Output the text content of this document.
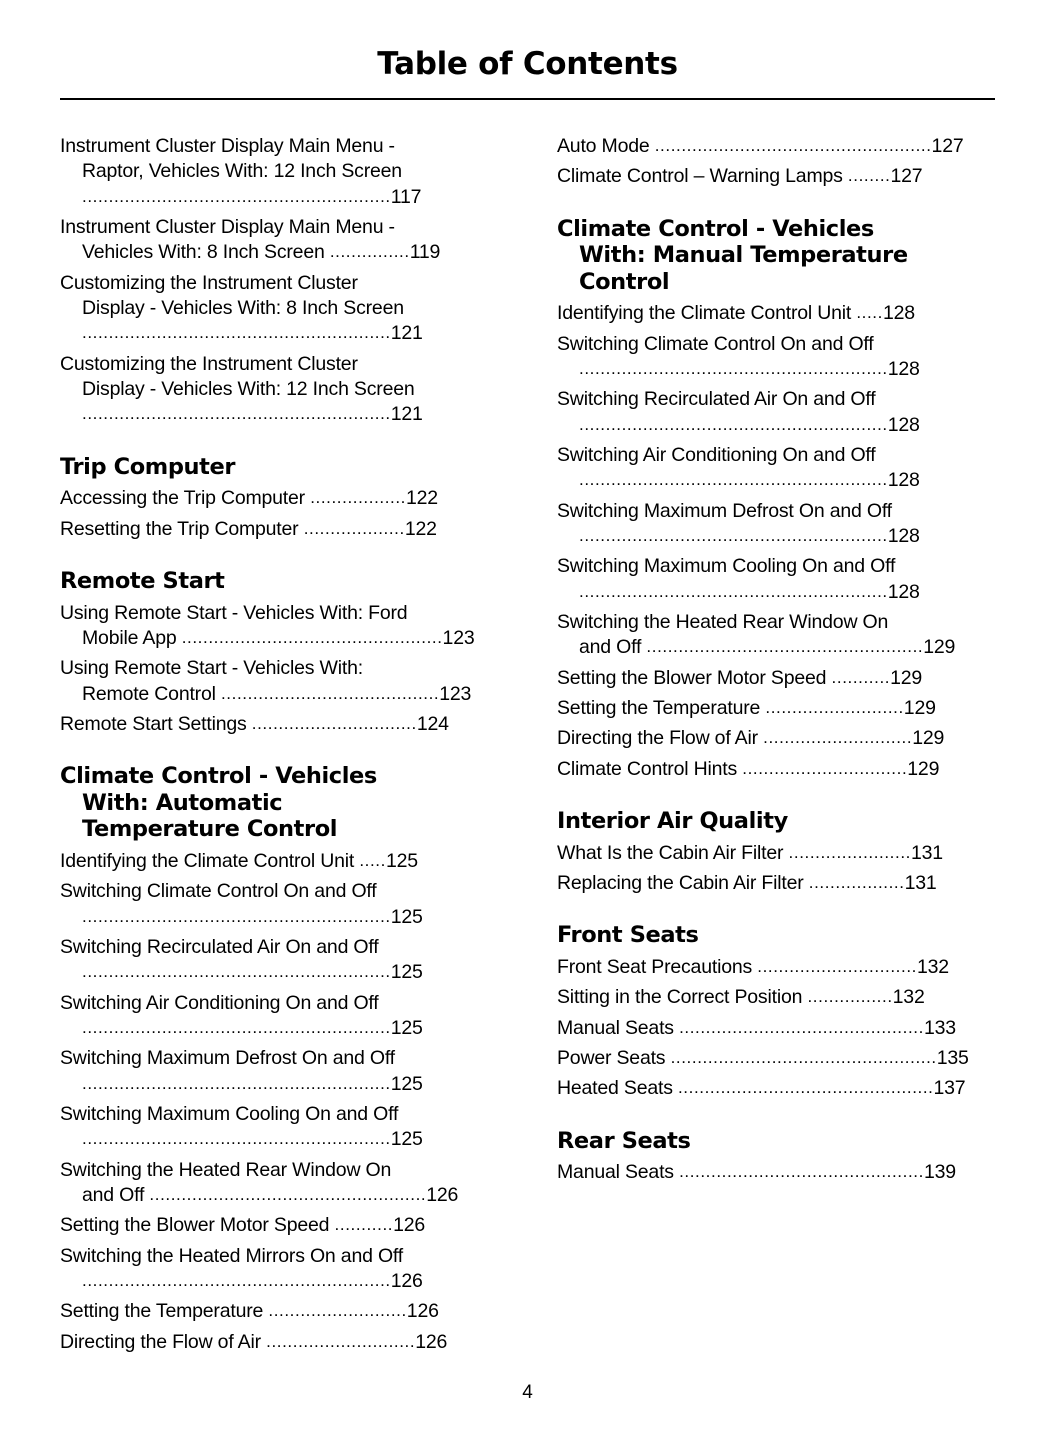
Table of Contents
Instrument Cluster Display Main Menu -
Raptor, Vehicles With: 12 Inch Screen
..........................................................117
Instrument Cluster Display Main Menu -
Vehicles With: 8 Inch Screen ...............119
Customizing the Instrument Cluster
Display - Vehicles With: 8 Inch Screen
..........................................................121
Customizing the Instrument Cluster
Display - Vehicles With: 12 Inch Screen
..........................................................121
Trip Computer
Accessing the Trip Computer ..................122
Resetting the Trip Computer ...................122
Remote Start
Using Remote Start - Vehicles With: Ford
Mobile App .................................................123
Using Remote Start - Vehicles With:
Remote Control .........................................123
Remote Start Settings ...............................124
Climate Control - Vehicles
With: Automatic
Temperature Control
Identifying the Climate Control Unit .....125
Switching Climate Control On and Off
..........................................................125
Switching Recirculated Air On and Off
..........................................................125
Switching Air Conditioning On and Off
..........................................................125
Switching Maximum Defrost On and Off
..........................................................125
Switching Maximum Cooling On and Off
..........................................................125
Switching the Heated Rear Window On
and Off ....................................................126
Setting the Blower Motor Speed ...........126
Switching the Heated Mirrors On and Off
..........................................................126
Setting the Temperature ..........................126
Directing the Flow of Air ............................126
Auto Mode ....................................................127
Climate Control – Warning Lamps ........127
Climate Control - Vehicles
With: Manual Temperature
Control
Identifying the Climate Control Unit .....128
Switching Climate Control On and Off
..........................................................128
Switching Recirculated Air On and Off
..........................................................128
Switching Air Conditioning On and Off
..........................................................128
Switching Maximum Defrost On and Off
..........................................................128
Switching Maximum Cooling On and Off
..........................................................128
Switching the Heated Rear Window On
and Off ....................................................129
Setting the Blower Motor Speed ...........129
Setting the Temperature ..........................129
Directing the Flow of Air ............................129
Climate Control Hints ...............................129
Interior Air Quality
What Is the Cabin Air Filter .......................131
Replacing the Cabin Air Filter ..................131
Front Seats
Front Seat Precautions ..............................132
Sitting in the Correct Position ................132
Manual Seats ..............................................133
Power Seats ..................................................135
Heated Seats ................................................137
Rear Seats
Manual Seats ..............................................139
4
